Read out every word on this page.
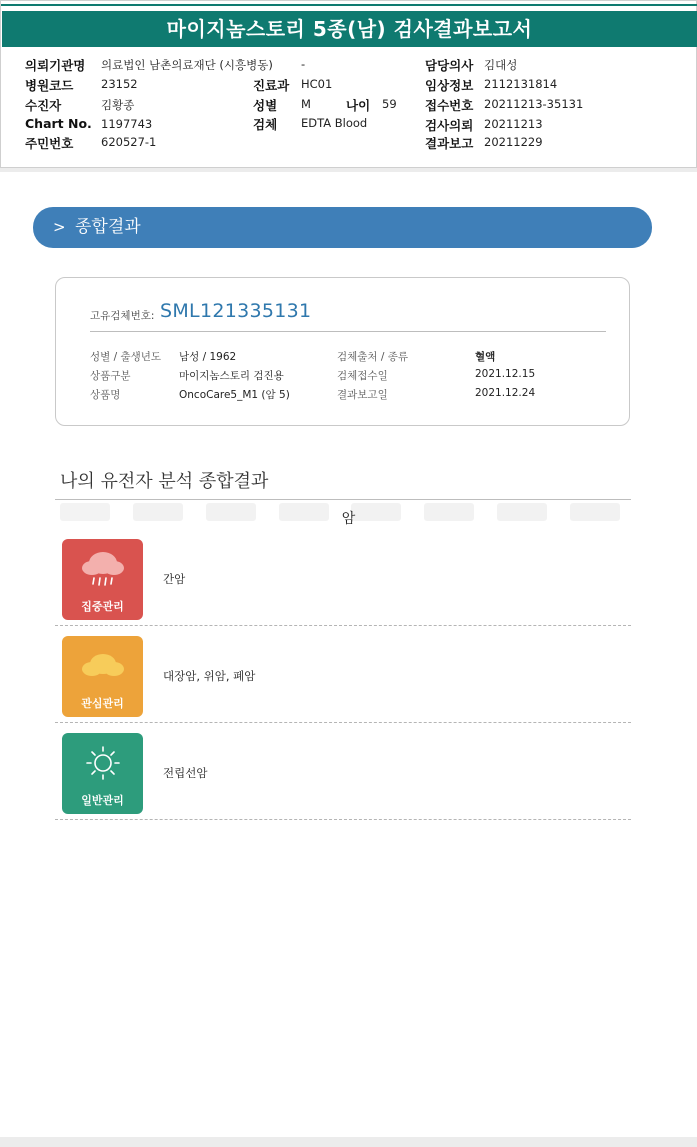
마이지놈스토리 5종(남) 검사결과보고서
의뢰기관명 의료법인 남촌의료재단 (시흥병동) -	담당의사 김대성
병원코드 23152	진료과 HC01	임상정보 2112131814
수진자	김황종	성별 M	나이 59 접수번호 20211213-35131
Chart No. 1197743	검체 EDTA Blood	검사의뢰 20211213
주민번호 620527-1	결과보고 20211229
> 종합결과
고유검체번호: SML121335131
성별 / 출생년도 남성 / 1962	검체출처 / 종류	혈액
상품구분	마이지놈스토리 검진용	검체접수일	2021.12.15
상품명	OncoCare5_M1 (암 5)	결과보고일	2021.12.24
나의 유전자 분석 종합결과
암
집중관리
간암
관심관리
대장암, 위암, 폐암
일반관리
전립선암
